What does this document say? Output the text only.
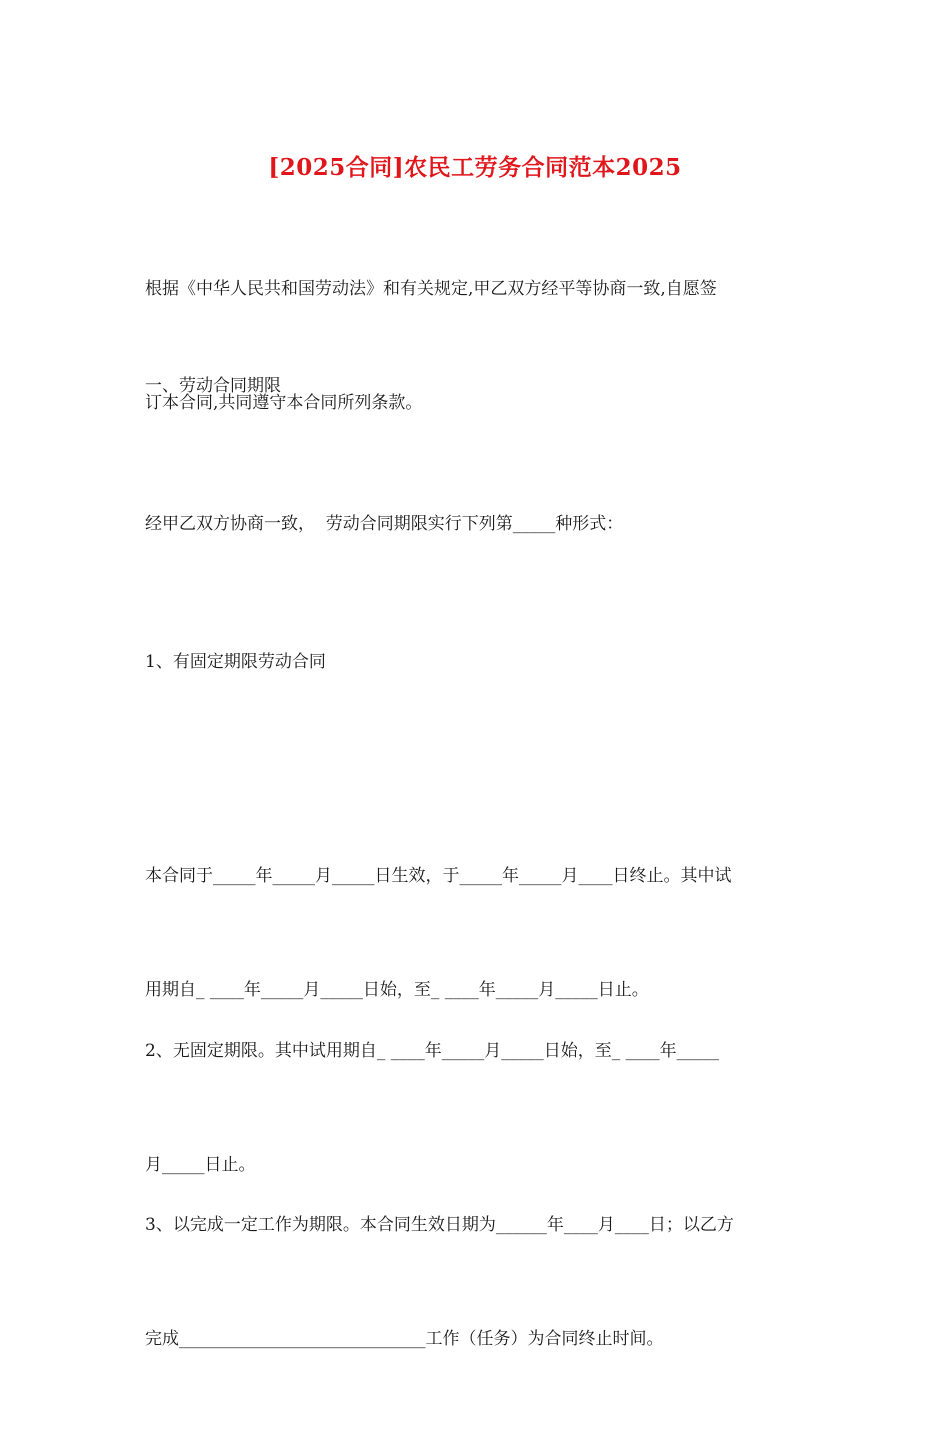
[2025合同]农民工劳务合同范本2025

根据《中华人民共和国劳动法》和有关规定,甲乙双方经平等协商一致,自愿签

订本合同,共同遵守本合同所列条款。

一、劳动合同期限

经甲乙双方协商一致，  劳动合同期限实行下列第_____种形式：

1、有固定期限劳动合同

本合同于_____年_____月_____日生效，于_____年_____月____日终止。其中试

用期自_ ____年_____月_____日始，至_ ____年_____月_____日止。

2、无固定期限。其中试用期自_ ____年_____月_____日始，至_ ____年_____

月_____日止。

3、以完成一定工作为期限。本合同生效日期为______年____月____日；以乙方

完成_____________________________工作（任务）为合同终止时间。
